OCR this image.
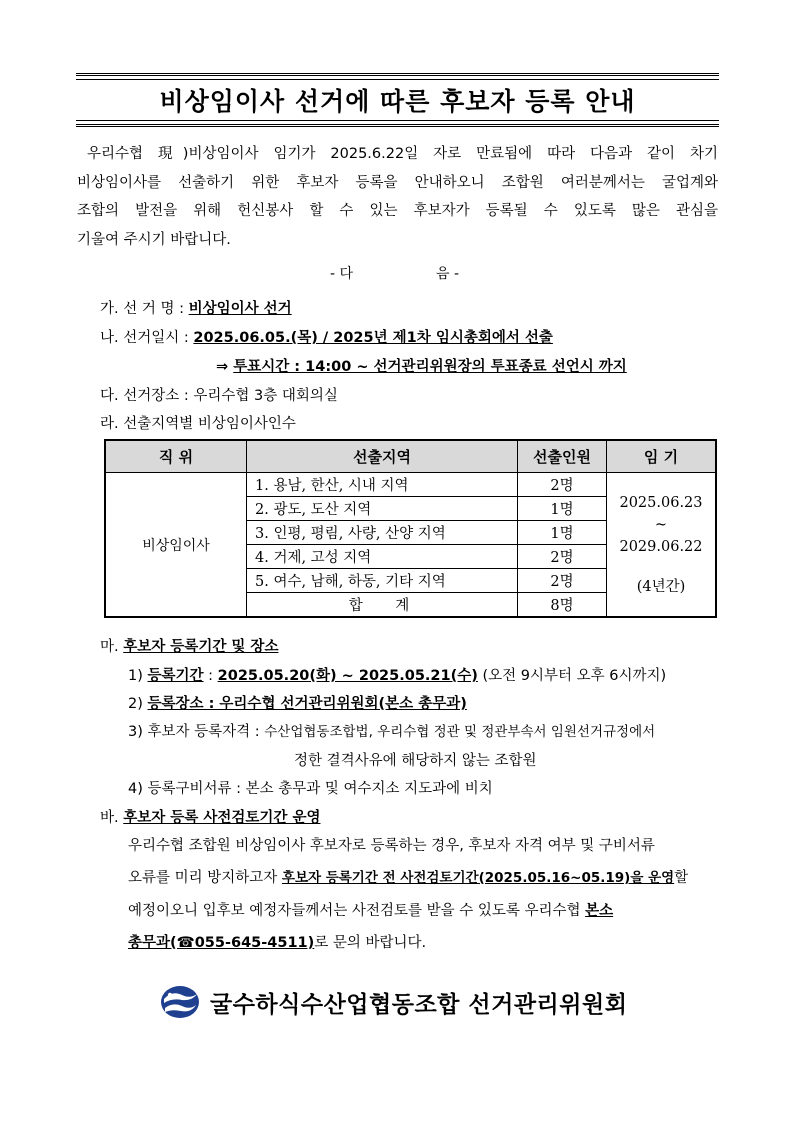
비상임이사 선거에 따른 후보자 등록 안내
우리수협 現)비상임이사 임기가 2025.6.22일 자로 만료됨에 따라 다음과 같이 차기
비상임이사를 선출하기 위한 후보자 등록을 안내하오니 조합원 여러분께서는 굴업계와
조합의 발전을 위해 헌신봉사 할 수 있는 후보자가 등록될 수 있도록 많은 관심을
기울여 주시기 바랍니다.
- 다	음 -
가. 선 거 명 : 비상임이사 선거
나. 선거일시 : 2025.06.05.(목) / 2025년 제1차 임시총회에서 선출
⇒ 투표시간 : 14:00 ~ 선거관리위원장의 투표종료 선언시 까지
다. 선거장소 : 우리수협 3층 대회의실
라. 선출지역별 비상임이사인수
직 위	선출지역	선출인원	임 기
비상임이사	1. 용남, 한산, 시내 지역	2명	2025.06.23
~
2029.06.22
(4년간)

	2. 광도, 도산 지역	1명	
	3. 인평, 평림, 사량, 산양 지역	1명	
	4. 거제, 고성 지역	2명	
	5. 여수, 남해, 하동, 기타 지역	2명	
	합 계	8명	
마. 후보자 등록기간 및 장소
1) 등록기간 : 2025.05.20(화) ~ 2025.05.21(수) (오전 9시부터 오후 6시까지)
2) 등록장소 : 우리수협 선거관리위원회(본소 총무과)
3) 후보자 등록자격 : 수산업협동조합법, 우리수협 정관 및 정관부속서 임원선거규정에서
정한 결격사유에 해당하지 않는 조합원
4) 등록구비서류 : 본소 총무과 및 여수지소 지도과에 비치
바. 후보자 등록 사전검토기간 운영
우리수협 조합원 비상임이사 후보자로 등록하는 경우, 후보자 자격 여부 및 구비서류
오류를 미리 방지하고자 후보자 등록기간 전 사전검토기간(2025.05.16~05.19)을 운영할
예정이오니 입후보 예정자들께서는 사전검토를 받을 수 있도록 우리수협 본소
총무과(☎055-645-4511)로 문의 바랍니다.
굴수하식수산업협동조합 선거관리위원회
